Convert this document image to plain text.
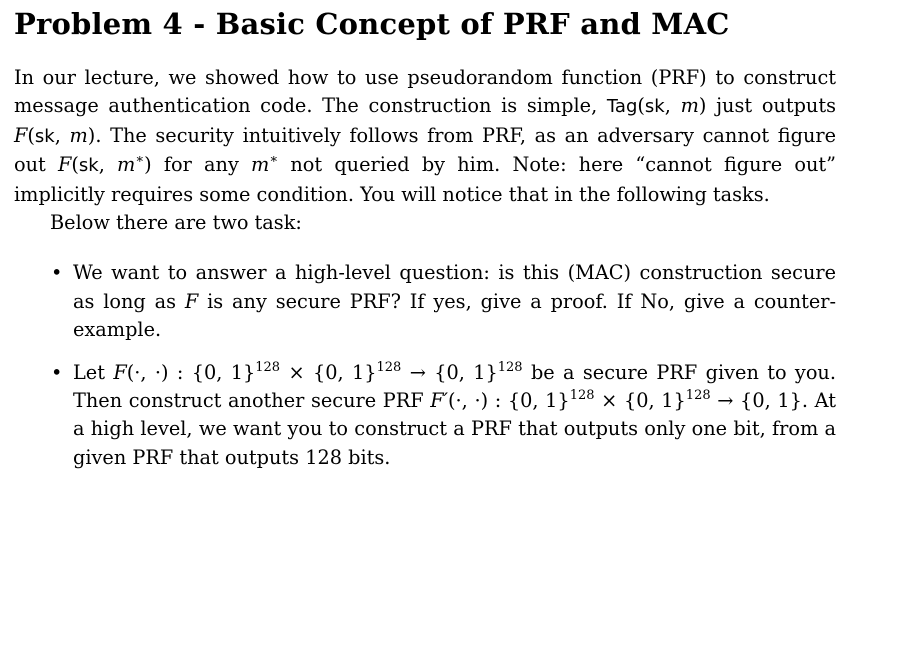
Problem 4 - Basic Concept of PRF and MAC

In our lecture, we showed how to use pseudorandom function (PRF) to construct message authentication code. The construction is simple, Tag(sk, m) just outputs F(sk, m). The security intuitively follows from PRF, as an adversary cannot figure out F(sk, m∗) for any m∗ not queried by him. Note: here “cannot figure out” implicitly requires some condition. You will notice that in the following tasks.

Below there are two task:

• We want to answer a high-level question: is this (MAC) construction secure as long as F is any secure PRF? If yes, give a proof. If No, give a counter-example.
• Let F(·, ·) : {0, 1}$^{128}$ × {0, 1}$^{128}$ → {0, 1}$^{128}$ be a secure PRF given to you. Then construct another secure PRF F′(·, ·) : {0, 1}$^{128}$ × {0, 1}$^{128}$ → {0, 1}. At a high level, we want you to construct a PRF that outputs only one bit, from a given PRF that outputs 128 bits.
